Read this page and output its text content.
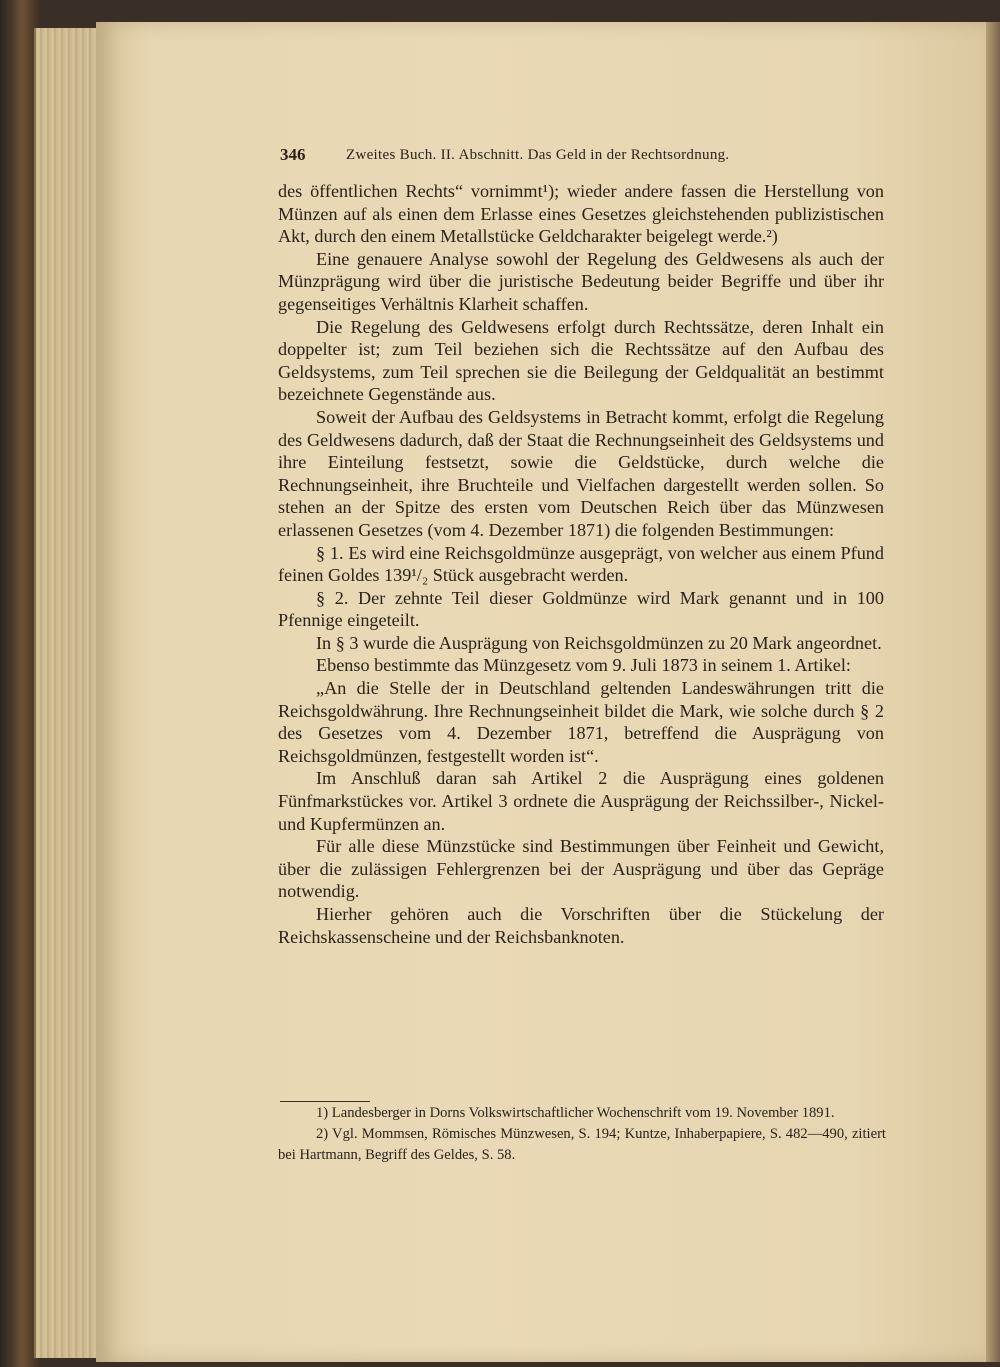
346	Zweites Buch. II. Abschnitt. Das Geld in der Rechtsordnung.

des öffentlichen Rechts“ vornimmt¹); wieder andere fassen die Herstellung von Münzen auf als einen dem Erlasse eines Gesetzes gleichstehenden publizistischen Akt, durch den einem Metallstücke Geldcharakter beigelegt werde.²)

Eine genauere Analyse sowohl der Regelung des Geldwesens als auch der Münzprägung wird über die juristische Bedeutung beider Begriffe und über ihr gegenseitiges Verhältnis Klarheit schaffen.

Die Regelung des Geldwesens erfolgt durch Rechtssätze, deren Inhalt ein doppelter ist; zum Teil beziehen sich die Rechtssätze auf den Aufbau des Geldsystems, zum Teil sprechen sie die Beilegung der Geldqualität an bestimmt bezeichnete Gegenstände aus.

Soweit der Aufbau des Geldsystems in Betracht kommt, erfolgt die Regelung des Geldwesens dadurch, daß der Staat die Rechnungseinheit des Geldsystems und ihre Einteilung festsetzt, sowie die Geldstücke, durch welche die Rechnungseinheit, ihre Bruchteile und Vielfachen dargestellt werden sollen. So stehen an der Spitze des ersten vom Deutschen Reich über das Münzwesen erlassenen Gesetzes (vom 4. Dezember 1871) die folgenden Bestimmungen:

§ 1. Es wird eine Reichsgoldmünze ausgeprägt, von welcher aus einem Pfund feinen Goldes 139¹/₂ Stück ausgebracht werden.

§ 2. Der zehnte Teil dieser Goldmünze wird Mark genannt und in 100 Pfennige eingeteilt.

In § 3 wurde die Ausprägung von Reichsgoldmünzen zu 20 Mark angeordnet.

Ebenso bestimmte das Münzgesetz vom 9. Juli 1873 in seinem 1. Artikel:

„An die Stelle der in Deutschland geltenden Landeswährungen tritt die Reichsgoldwährung. Ihre Rechnungseinheit bildet die Mark, wie solche durch § 2 des Gesetzes vom 4. Dezember 1871, betreffend die Ausprägung von Reichsgoldmünzen, festgestellt worden ist“.

Im Anschluß daran sah Artikel 2 die Ausprägung eines goldenen Fünfmarkstückes vor. Artikel 3 ordnete die Ausprägung der Reichssilber-, Nickel- und Kupfermünzen an.

Für alle diese Münzstücke sind Bestimmungen über Feinheit und Gewicht, über die zulässigen Fehlergrenzen bei der Ausprägung und über das Gepräge notwendig.

Hierher gehören auch die Vorschriften über die Stückelung der Reichskassenscheine und der Reichsbanknoten.

1) Landesberger in Dorns Volkswirtschaftlicher Wochenschrift vom 19. November 1891.

2) Vgl. Mommsen, Römisches Münzwesen, S. 194; Kuntze, Inhaberpapiere, S. 482—490, zitiert bei Hartmann, Begriff des Geldes, S. 58.
